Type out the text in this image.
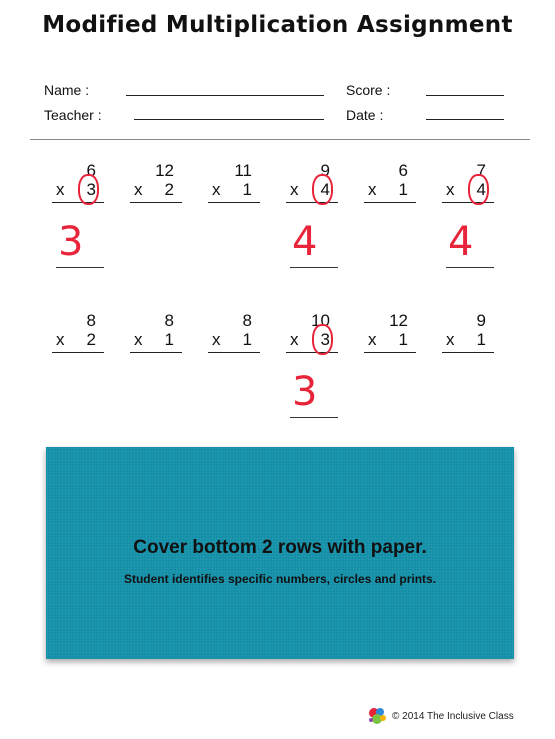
Modified Multiplication Assignment
Name :	Score :
Teacher :	Date :
6
x 3
3
12
x 2
11
x 1
9
x 4
4
6
x 1
7
x 4
4
8
x 2
8
x 1
8
x 1
10
x 3
3
12
x 1
9
x 1
Cover bottom 2 rows with paper.
Student identifies specific numbers, circles and prints.
© 2014 The Inclusive Class
